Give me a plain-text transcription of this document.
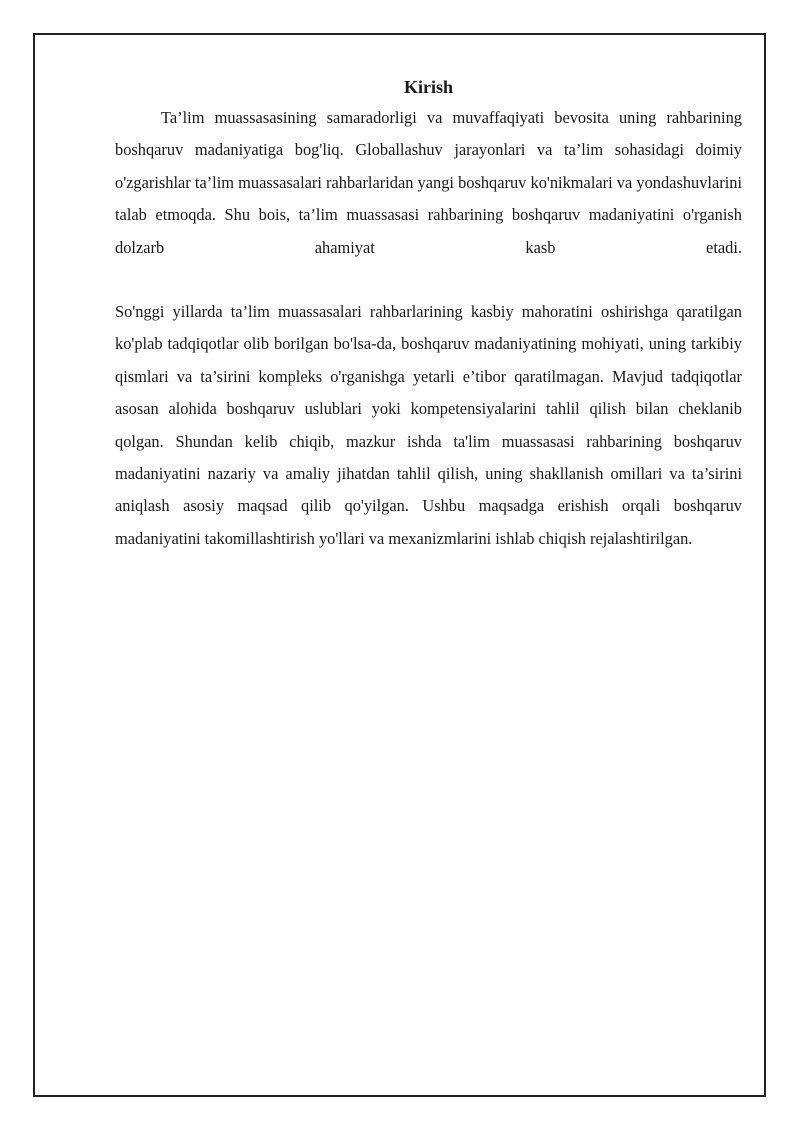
Kirish

Ta’lim muassasasining samaradorligi va muvaffaqiyati bevosita uning rahbarining boshqaruv madaniyatiga bog'liq. Globallashuv jarayonlari va ta’lim sohasidagi doimiy o'zgarishlar ta’lim muassasalari rahbarlaridan yangi boshqaruv ko'nikmalari va yondashuvlarini talab etmoqda. Shu bois, ta’lim muassasasi rahbarining boshqaruv madaniyatini o'rganish dolzarb ahamiyat kasb etadi.

So'nggi yillarda ta’lim muassasalari rahbarlarining kasbiy mahoratini oshirishga qaratilgan ko'plab tadqiqotlar olib borilgan bo'lsa-da, boshqaruv madaniyatining mohiyati, uning tarkibiy qismlari va ta’sirini kompleks o'rganishga yetarli e’tibor qaratilmagan. Mavjud tadqiqotlar asosan alohida boshqaruv uslublari yoki kompetensiyalarini tahlil qilish bilan cheklanib qolgan. Shundan kelib chiqib, mazkur ishda ta'lim muassasasi rahbarining boshqaruv madaniyatini nazariy va amaliy jihatdan tahlil qilish, uning shakllanish omillari va ta’sirini aniqlash asosiy maqsad qilib qo'yilgan. Ushbu maqsadga erishish orqali boshqaruv madaniyatini takomillashtirish yo'llari va mexanizmlarini ishlab chiqish rejalashtirilgan.
